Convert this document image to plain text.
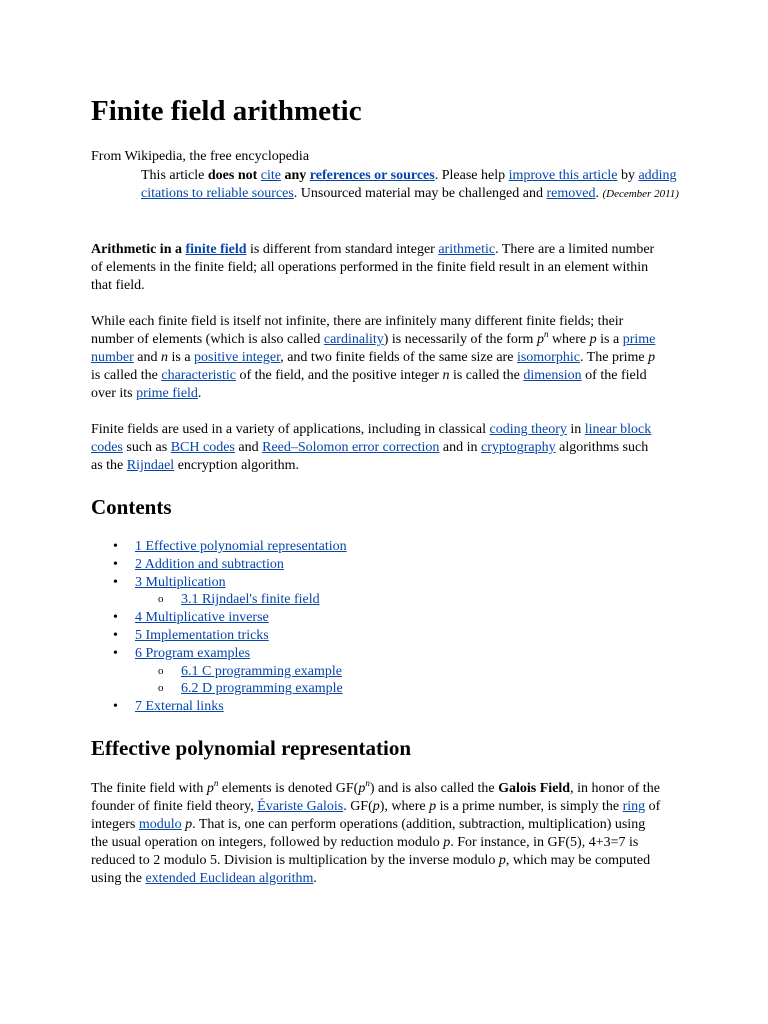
Finite field arithmetic

From Wikipedia, the free encyclopedia

This article does not cite any references or sources. Please help improve this article by adding citations to reliable sources. Unsourced material may be challenged and removed. (December 2011)

Arithmetic in a finite field is different from standard integer arithmetic. There are a limited number of elements in the finite field; all operations performed in the finite field result in an element within that field.

While each finite field is itself not infinite, there are infinitely many different finite fields; their number of elements (which is also called cardinality) is necessarily of the form $p^n$ where p is a prime number and n is a positive integer, and two finite fields of the same size are isomorphic. The prime p is called the characteristic of the field, and the positive integer n is called the dimension of the field over its prime field.

Finite fields are used in a variety of applications, including in classical coding theory in linear block codes such as BCH codes and Reed–Solomon error correction and in cryptography algorithms such as the Rijndael encryption algorithm.

Contents
• 1 Effective polynomial representation
• 2 Addition and subtraction
• 3 Multiplication
o 3.1 Rijndael's finite field
• 4 Multiplicative inverse
• 5 Implementation tricks
• 6 Program examples
o 6.1 C programming example
o 6.2 D programming example
• 7 External links
Effective polynomial representation

The finite field with $p^n$ elements is denoted $GF(p^n)$ and is also called the Galois Field, in honor of the founder of finite field theory, Évariste Galois. GF(p), where p is a prime number, is simply the ring of integers modulo p. That is, one can perform operations (addition, subtraction, multiplication) using the usual operation on integers, followed by reduction modulo p. For instance, in GF(5), 4+3=7 is reduced to 2 modulo 5. Division is multiplication by the inverse modulo p, which may be computed using the extended Euclidean algorithm.
